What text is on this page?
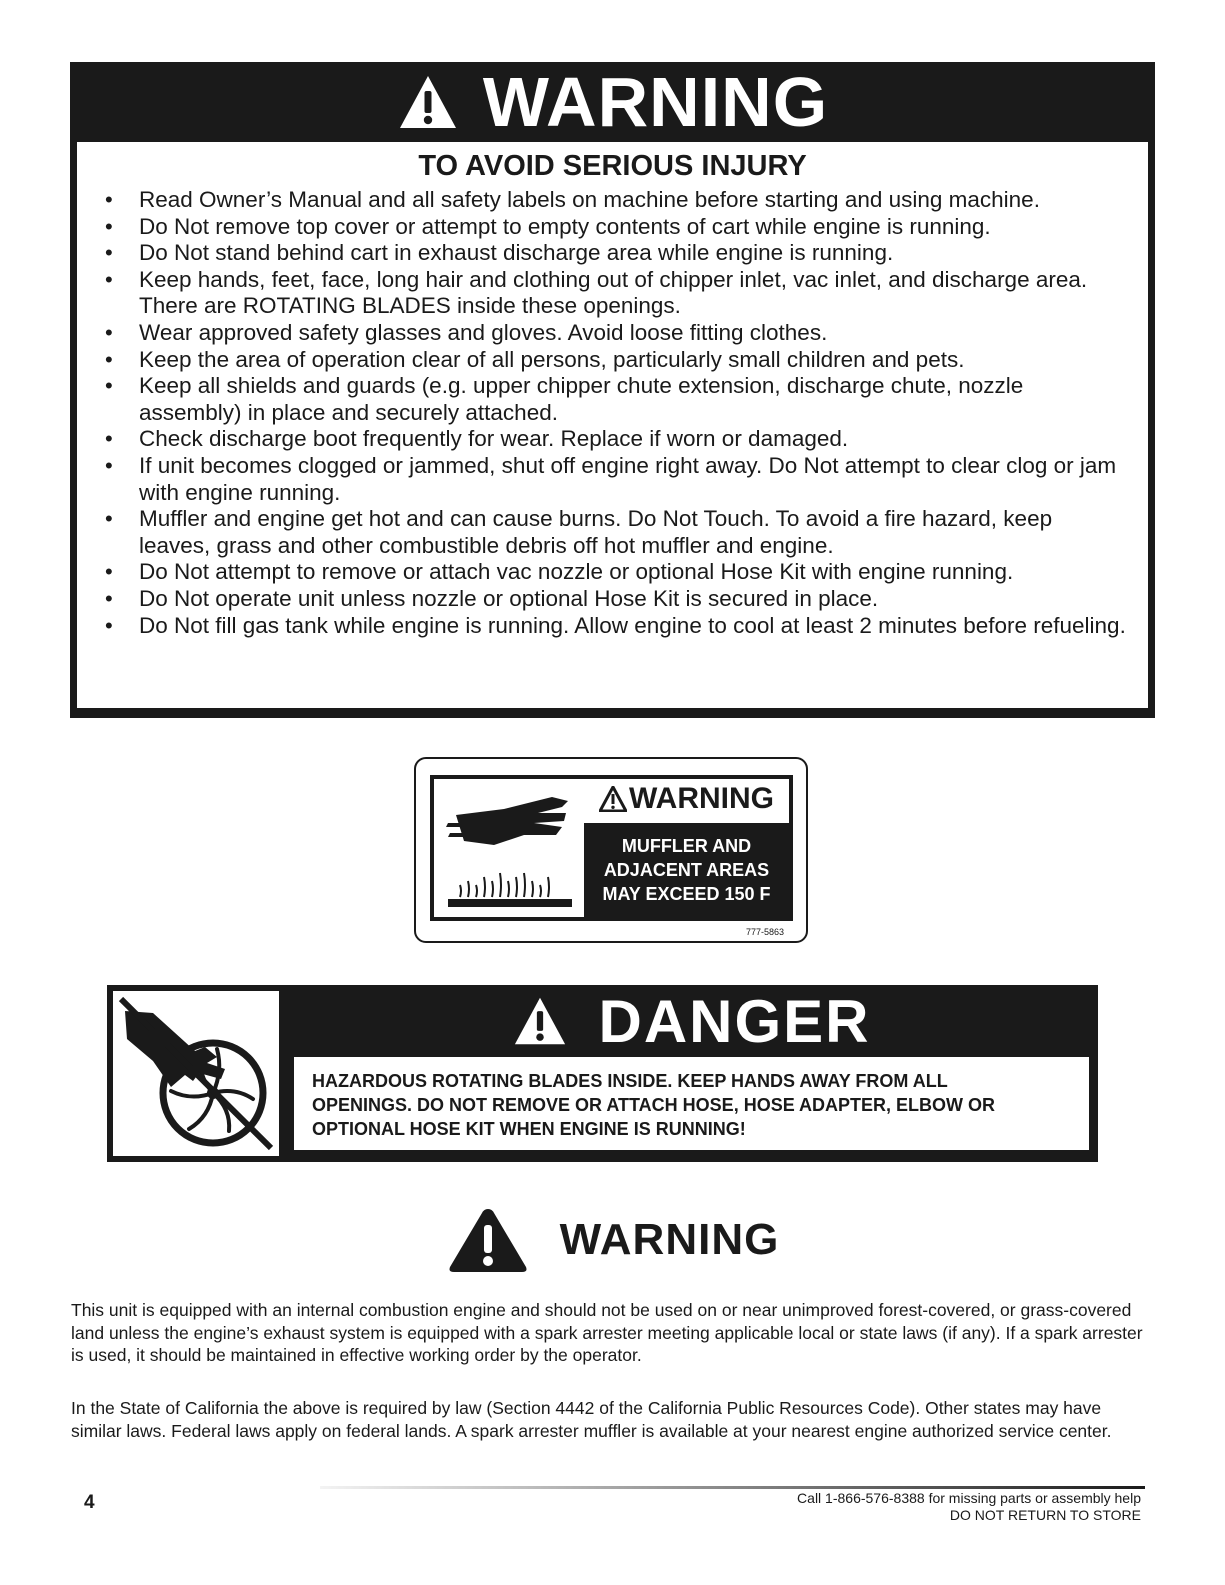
WARNING
TO AVOID SERIOUS INJURY
• Read Owner’s Manual and all safety labels on machine before starting and using machine.
• Do Not remove top cover or attempt to empty contents of cart while engine is running.
• Do Not stand behind cart in exhaust discharge area while engine is running.
• Keep hands, feet, face, long hair and clothing out of chipper inlet, vac inlet, and discharge area. There are ROTATING BLADES inside these openings.
• Wear approved safety glasses and gloves. Avoid loose fitting clothes.
• Keep the area of operation clear of all persons, particularly small children and pets.
• Keep all shields and guards (e.g. upper chipper chute extension, discharge chute, nozzle assembly) in place and securely attached.
• Check discharge boot frequently for wear. Replace if worn or damaged.
• If unit becomes clogged or jammed, shut off engine right away. Do Not attempt to clear clog or jam with engine running.
• Muffler and engine get hot and can cause burns. Do Not Touch. To avoid a fire hazard, keep leaves, grass and other combustible debris off hot muffler and engine.
• Do Not attempt to remove or attach vac nozzle or optional Hose Kit with engine running.
• Do Not operate unit unless nozzle or optional Hose Kit is secured in place.
• Do Not fill gas tank while engine is running. Allow engine to cool at least 2 minutes before refueling.
WARNING
MUFFLER AND
ADJACENT AREAS
MAY EXCEED 150 F
777-5863
DANGER
HAZARDOUS ROTATING BLADES INSIDE. KEEP HANDS AWAY FROM ALL
OPENINGS. DO NOT REMOVE OR ATTACH HOSE, HOSE ADAPTER, ELBOW OR
OPTIONAL HOSE KIT WHEN ENGINE IS RUNNING!
WARNING

This unit is equipped with an internal combustion engine and should not be used on or near unimproved forest-covered, or grass-covered land unless the engine’s exhaust system is equipped with a spark arrester meeting applicable local or state laws (if any). If a spark arrester is used, it should be maintained in effective working order by the operator.

In the State of California the above is required by law (Section 4442 of the California Public Resources Code). Other states may have similar laws. Federal laws apply on federal lands. A spark arrester muffler is available at your nearest engine authorized service center.

4	Call 1-866-576-8388 for missing parts or assembly help
DO NOT RETURN TO STORE
